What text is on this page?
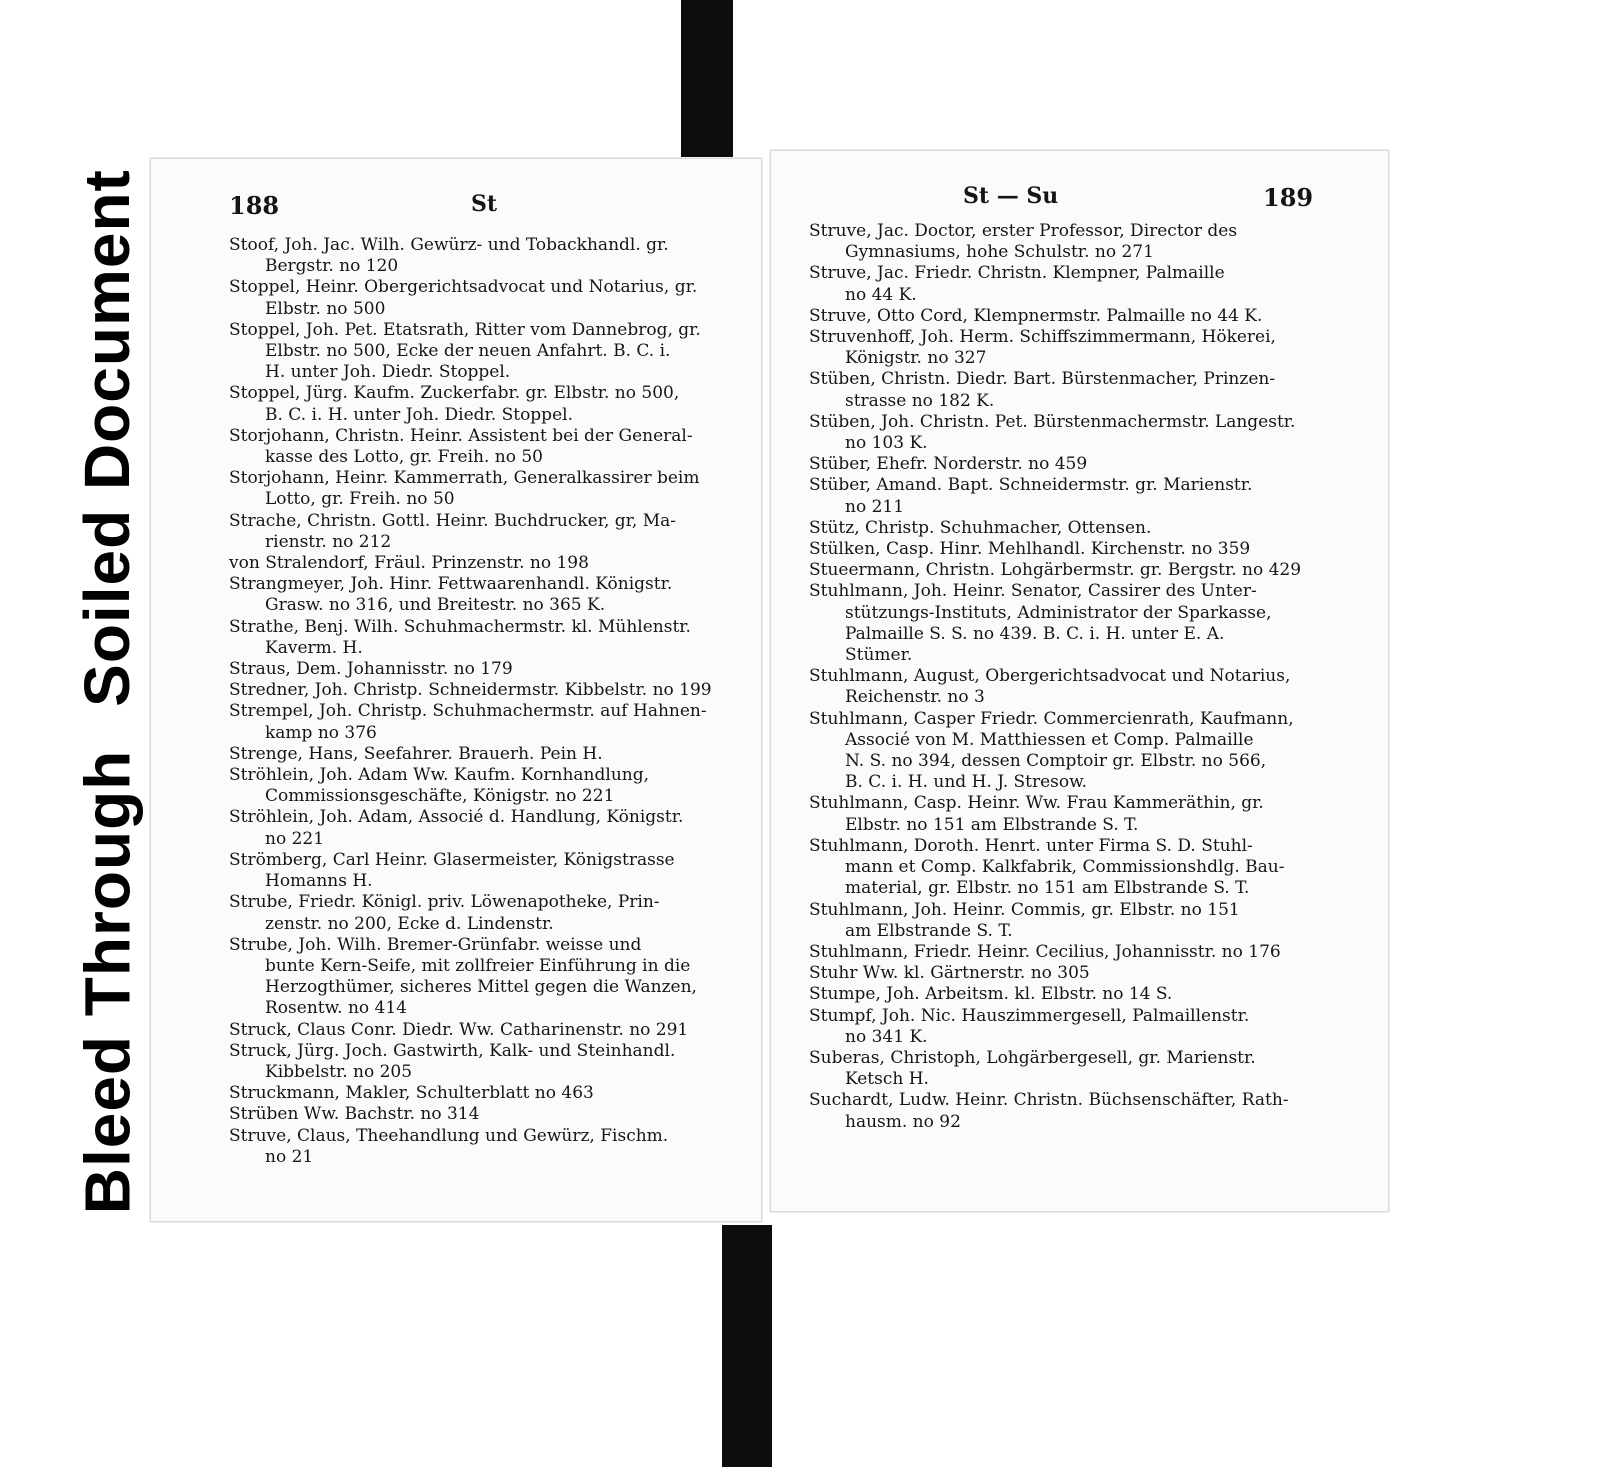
Soiled Document
Bleed Through
188	St
Stoof, Joh. Jac. Wilh. Gewürz- und Tobackhandl. gr.
Bergstr. no 120
Stoppel, Heinr. Obergerichtsadvocat und Notarius, gr.
Elbstr. no 500
Stoppel, Joh. Pet. Etatsrath, Ritter vom Dannebrog, gr.
Elbstr. no 500, Ecke der neuen Anfahrt. B. C. i.
H. unter Joh. Diedr. Stoppel.
Stoppel, Jürg. Kaufm. Zuckerfabr. gr. Elbstr. no 500,
B. C. i. H. unter Joh. Diedr. Stoppel.
Storjohann, Christn. Heinr. Assistent bei der General-
kasse des Lotto, gr. Freih. no 50
Storjohann, Heinr. Kammerrath, Generalkassirer beim
Lotto, gr. Freih. no 50
Strache, Christn. Gottl. Heinr. Buchdrucker, gr, Ma-
rienstr. no 212
von Stralendorf, Fräul. Prinzenstr. no 198
Strangmeyer, Joh. Hinr. Fettwaarenhandl. Königstr.
Grasw. no 316, und Breitestr. no 365 K.
Strathe, Benj. Wilh. Schuhmachermstr. kl. Mühlenstr.
Kaverm. H.
Straus, Dem. Johannisstr. no 179
Stredner, Joh. Christp. Schneidermstr. Kibbelstr. no 199
Strempel, Joh. Christp. Schuhmachermstr. auf Hahnen-
kamp no 376
Strenge, Hans, Seefahrer. Brauerh. Pein H.
Ströhlein, Joh. Adam Ww. Kaufm. Kornhandlung,
Commissionsgeschäfte, Königstr. no 221
Ströhlein, Joh. Adam, Associé d. Handlung, Königstr.
no 221
Strömberg, Carl Heinr. Glasermeister, Königstrasse
Homanns H.
Strube, Friedr. Königl. priv. Löwenapotheke, Prin-
zenstr. no 200, Ecke d. Lindenstr.
Strube, Joh. Wilh. Bremer-Grünfabr. weisse und
bunte Kern-Seife, mit zollfreier Einführung in die
Herzogthümer, sicheres Mittel gegen die Wanzen,
Rosentw. no 414
Struck, Claus Conr. Diedr. Ww. Catharinenstr. no 291
Struck, Jürg. Joch. Gastwirth, Kalk- und Steinhandl.
Kibbelstr. no 205
Struckmann, Makler, Schulterblatt no 463
Strüben Ww. Bachstr. no 314
Struve, Claus, Theehandlung und Gewürz, Fischm.
no 21
St — Su	189
Struve, Jac. Doctor, erster Professor, Director des
Gymnasiums, hohe Schulstr. no 271
Struve, Jac. Friedr. Christn. Klempner, Palmaille
no 44 K.
Struve, Otto Cord, Klempnermstr. Palmaille no 44 K.
Struvenhoff, Joh. Herm. Schiffszimmermann, Hökerei,
Königstr. no 327
Stüben, Christn. Diedr. Bart. Bürstenmacher, Prinzen-
strasse no 182 K.
Stüben, Joh. Christn. Pet. Bürstenmachermstr. Langestr.
no 103 K.
Stüber, Ehefr. Norderstr. no 459
Stüber, Amand. Bapt. Schneidermstr. gr. Marienstr.
no 211
Stütz, Christp. Schuhmacher, Ottensen.
Stülken, Casp. Hinr. Mehlhandl. Kirchenstr. no 359
Stueermann, Christn. Lohgärbermstr. gr. Bergstr. no 429
Stuhlmann, Joh. Heinr. Senator, Cassirer des Unter-
stützungs-Instituts, Administrator der Sparkasse,
Palmaille S. S. no 439. B. C. i. H. unter E. A.
Stümer.
Stuhlmann, August, Obergerichtsadvocat und Notarius,
Reichenstr. no 3
Stuhlmann, Casper Friedr. Commercienrath, Kaufmann,
Associé von M. Matthiessen et Comp. Palmaille
N. S. no 394, dessen Comptoir gr. Elbstr. no 566,
B. C. i. H. und H. J. Stresow.
Stuhlmann, Casp. Heinr. Ww. Frau Kammeräthin, gr.
Elbstr. no 151 am Elbstrande S. T.
Stuhlmann, Doroth. Henrt. unter Firma S. D. Stuhl-
mann et Comp. Kalkfabrik, Commissionshdlg. Bau-
material, gr. Elbstr. no 151 am Elbstrande S. T.
Stuhlmann, Joh. Heinr. Commis, gr. Elbstr. no 151
am Elbstrande S. T.
Stuhlmann, Friedr. Heinr. Cecilius, Johannisstr. no 176
Stuhr Ww. kl. Gärtnerstr. no 305
Stumpe, Joh. Arbeitsm. kl. Elbstr. no 14 S.
Stumpf, Joh. Nic. Hauszimmergesell, Palmaillenstr.
no 341 K.
Suberas, Christoph, Lohgärbergesell, gr. Marienstr.
Ketsch H.
Suchardt, Ludw. Heinr. Christn. Büchsenschäfter, Rath-
hausm. no 92
